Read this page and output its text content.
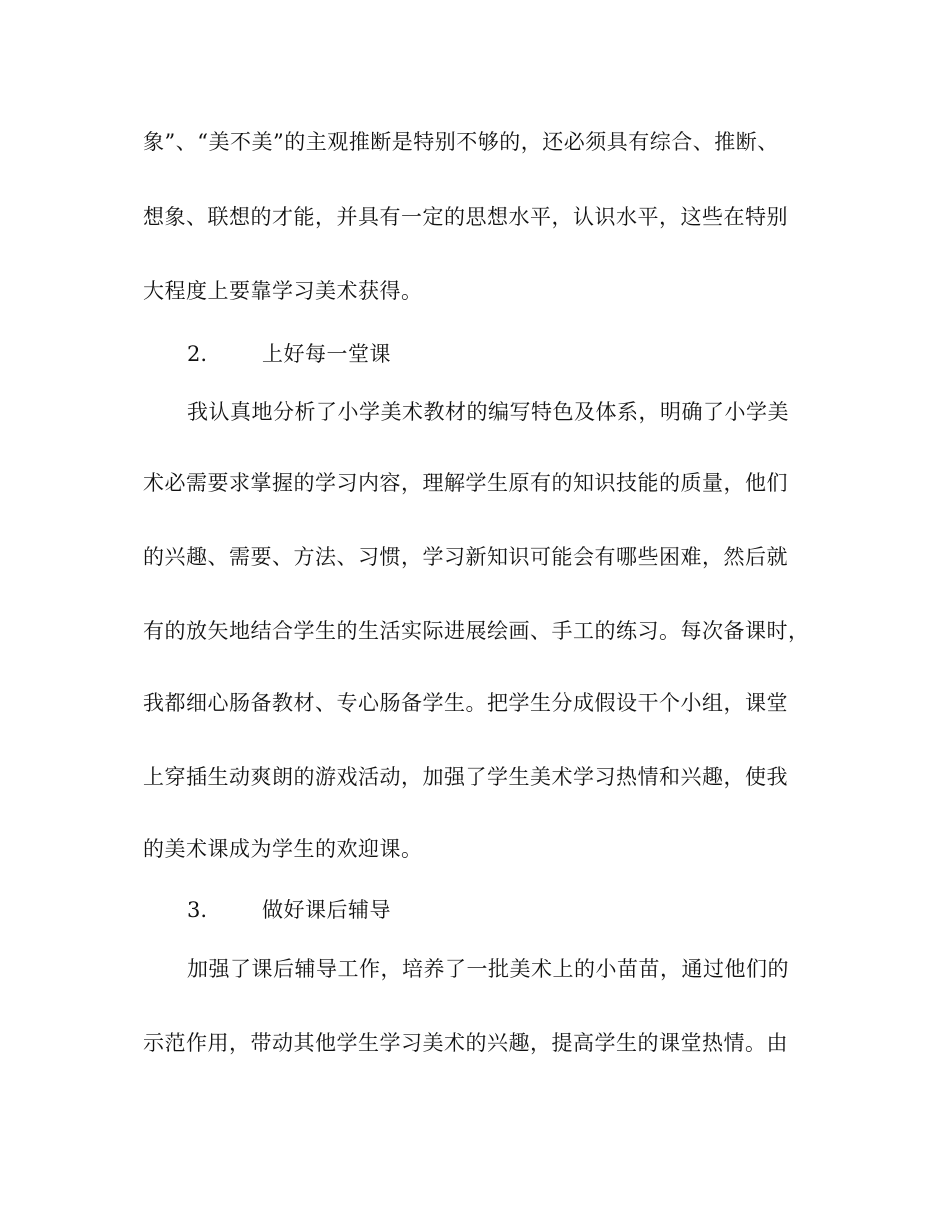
象”、“美不美”的主观推断是特别不够的，还必须具有综合、推断、
想象、联想的才能，并具有一定的思想水平，认识水平，这些在特别
大程度上要靠学习美术获得。
2.	上好每一堂课
我认真地分析了小学美术教材的编写特色及体系，明确了小学美
术必需要求掌握的学习内容，理解学生原有的知识技能的质量，他们
的兴趣、需要、方法、习惯，学习新知识可能会有哪些困难，然后就
有的放矢地结合学生的生活实际进展绘画、手工的练习。每次备课时，
我都细心肠备教材、专心肠备学生。把学生分成假设干个小组，课堂
上穿插生动爽朗的游戏活动，加强了学生美术学习热情和兴趣，使我
的美术课成为学生的欢迎课。
3.	做好课后辅导
加强了课后辅导工作，培养了一批美术上的小苗苗，通过他们的
示范作用，带动其他学生学习美术的兴趣，提高学生的课堂热情。由
